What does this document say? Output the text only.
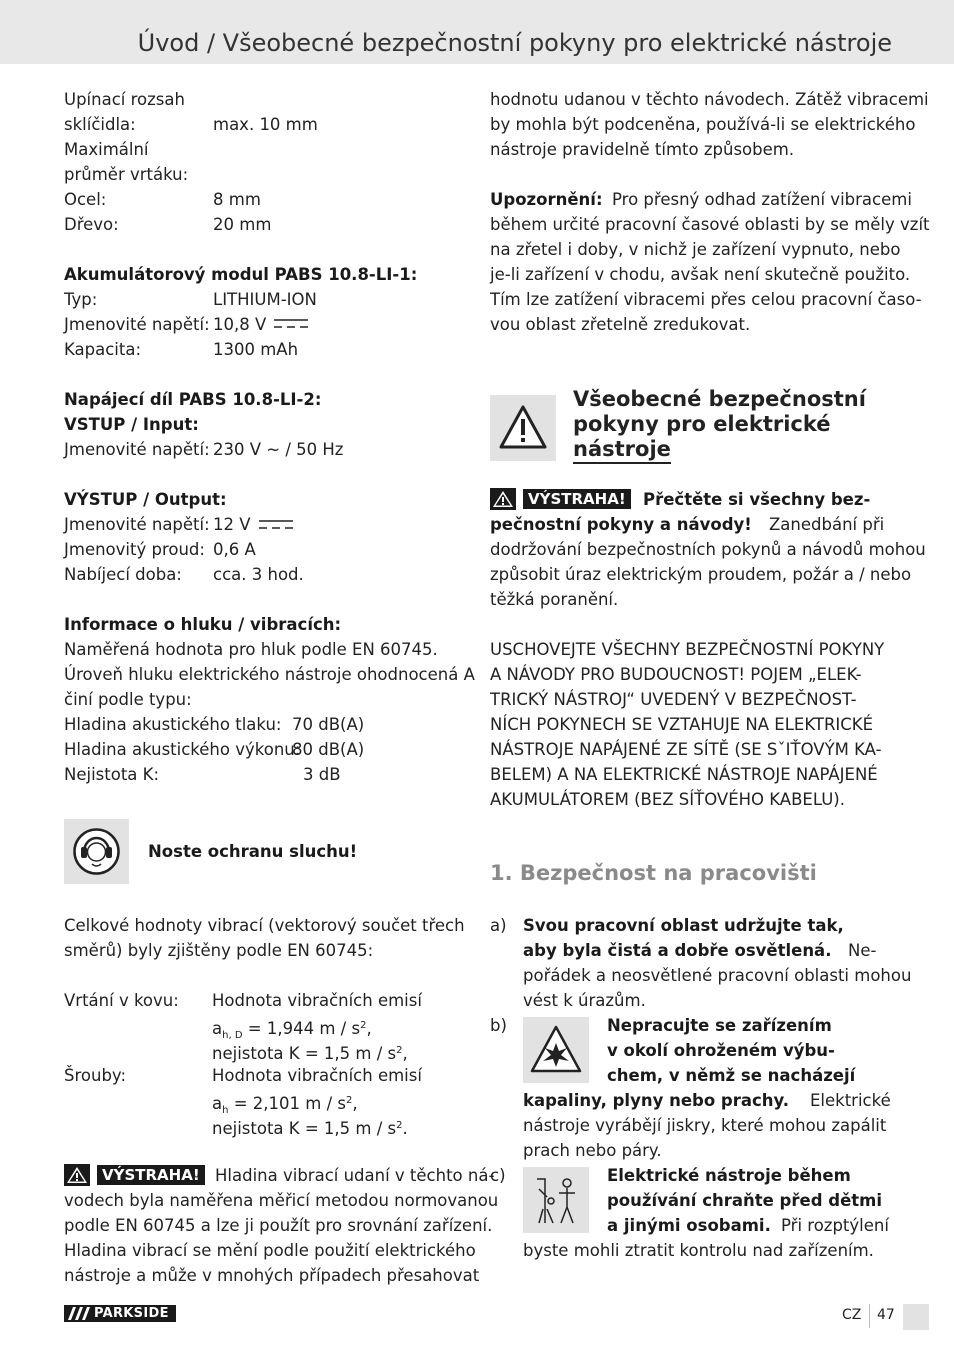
Úvod / Všeobecné bezpečnostní pokyny pro elektrické nástroje
Upínací rozsah
sklíčidla:	max. 10 mm
Maximální
průměr vrtáku:
Ocel:	8 mm
Dřevo:	20 mm
Akumulátorový modul PABS 10.8-LI-1:
Typ:	LITHIUM-ION
Jmenovité napětí: 10,8 V
Kapacita:	1300 mAh
Napájecí díl PABS 10.8-LI-2:
VSTUP / Input:
Jmenovité napětí: 230 V ~ / 50 Hz
VÝSTUP / Output:
Jmenovité napětí: 12 V
Jmenovitý proud: 0,6 A
Nabíjecí doba: cca. 3 hod.
Informace o hluku / vibracích:
Naměřená hodnota pro hluk podle EN 60745.
Úroveň hluku elektrického nástroje ohodnocená A
činí podle typu:
Hladina akustického tlaku: 70 dB(A)
Hladina akustického výkonu:
80 dB(A)
Nejistota K:	3 dB
Noste ochranu sluchu!
Celkové hodnoty vibrací (vektorový součet třech
směrů) byly zjištěny podle EN 60745:
Vrtání v kovu: Hodnota vibračních emisí
$a_{h, D} = 1,944$ m / $s^2$,
nejistota K = 1,5 m / $s^2$,
Šrouby:	Hodnota vibračních emisí
$a_h = 2,101$ m / $s^2$,
nejistota K = 1,5 m / $s^2$.
VÝSTRAHA! Hladina vibrací udaní v těchto ná-
vodech byla naměřena měřicí metodou normovanou
podle EN 60745 a lze ji použít pro srovnání zařízení.
Hladina vibrací se mění podle použití elektrického
nástroje a může v mnohých případech přesahovat
hodnotu udanou v těchto návodech. Zátěž vibracemi
by mohla být podceněna, používá-li se elektrického
nástroje pravidelně tímto způsobem.
Upozornění: Pro přesný odhad zatížení vibracemi
během určité pracovní časové oblasti by se měly vzít
na zřetel i doby, v nichž je zařízení vypnuto, nebo
je-li zařízení v chodu, avšak není skutečně použito.
Tím lze zatížení vibracemi přes celou pracovní časo-
vou oblast zřetelně zredukovat.
Všeobecné bezpečnostní
pokyny pro elektrické
nástroje
VÝSTRAHA!	Přečtěte si všechny bez-
pečnostní pokyny a návody! Zanedbání při
dodržování bezpečnostních pokynů a návodů mohou
způsobit úraz elektrickým proudem, požár a / nebo
těžká poranění.
USCHOVEJTE VŠECHNY BEZPEČNOSTNÍ POKYNY
A NÁVODY PRO BUDOUCNOST! POJEM „ELEK-
TRICKÝ NÁSTROJ“ UVEDENÝ V BEZPEČNOST-
NÍCH POKYNECH SE VZTAHUJE NA ELEKTRICKÉ
NÁSTROJE NAPÁJENÉ ZE SÍTĚ (SE SˇIŤOVÝM KA-
BELEM) A NA ELEKTRICKÉ NÁSTROJE NAPÁJENÉ
AKUMULÁTOREM (BEZ SÍŤOVÉHO KABELU).
1. Bezpečnost na pracovišti
a) Svou pracovní oblast udržujte tak,
aby byla čistá a dobře osvětlená. Ne-
pořádek a neosvětlené pracovní oblasti mohou
vést k úrazům.
b)	Nepracujte se zařízením
v okolí ohroženém výbu-
chem, v němž se nacházejí
kapaliny, plyny nebo prachy. Elektrické
nástroje vyrábějí jiskry, které mohou zapálit
prach nebo páry.
c)	Elektrické nástroje během
používání chraňte před dětmi
a jinými osobami. Při rozptýlení
byste mohli ztratit kontrolu nad zařízením.
PARKSIDE	CZ 47
